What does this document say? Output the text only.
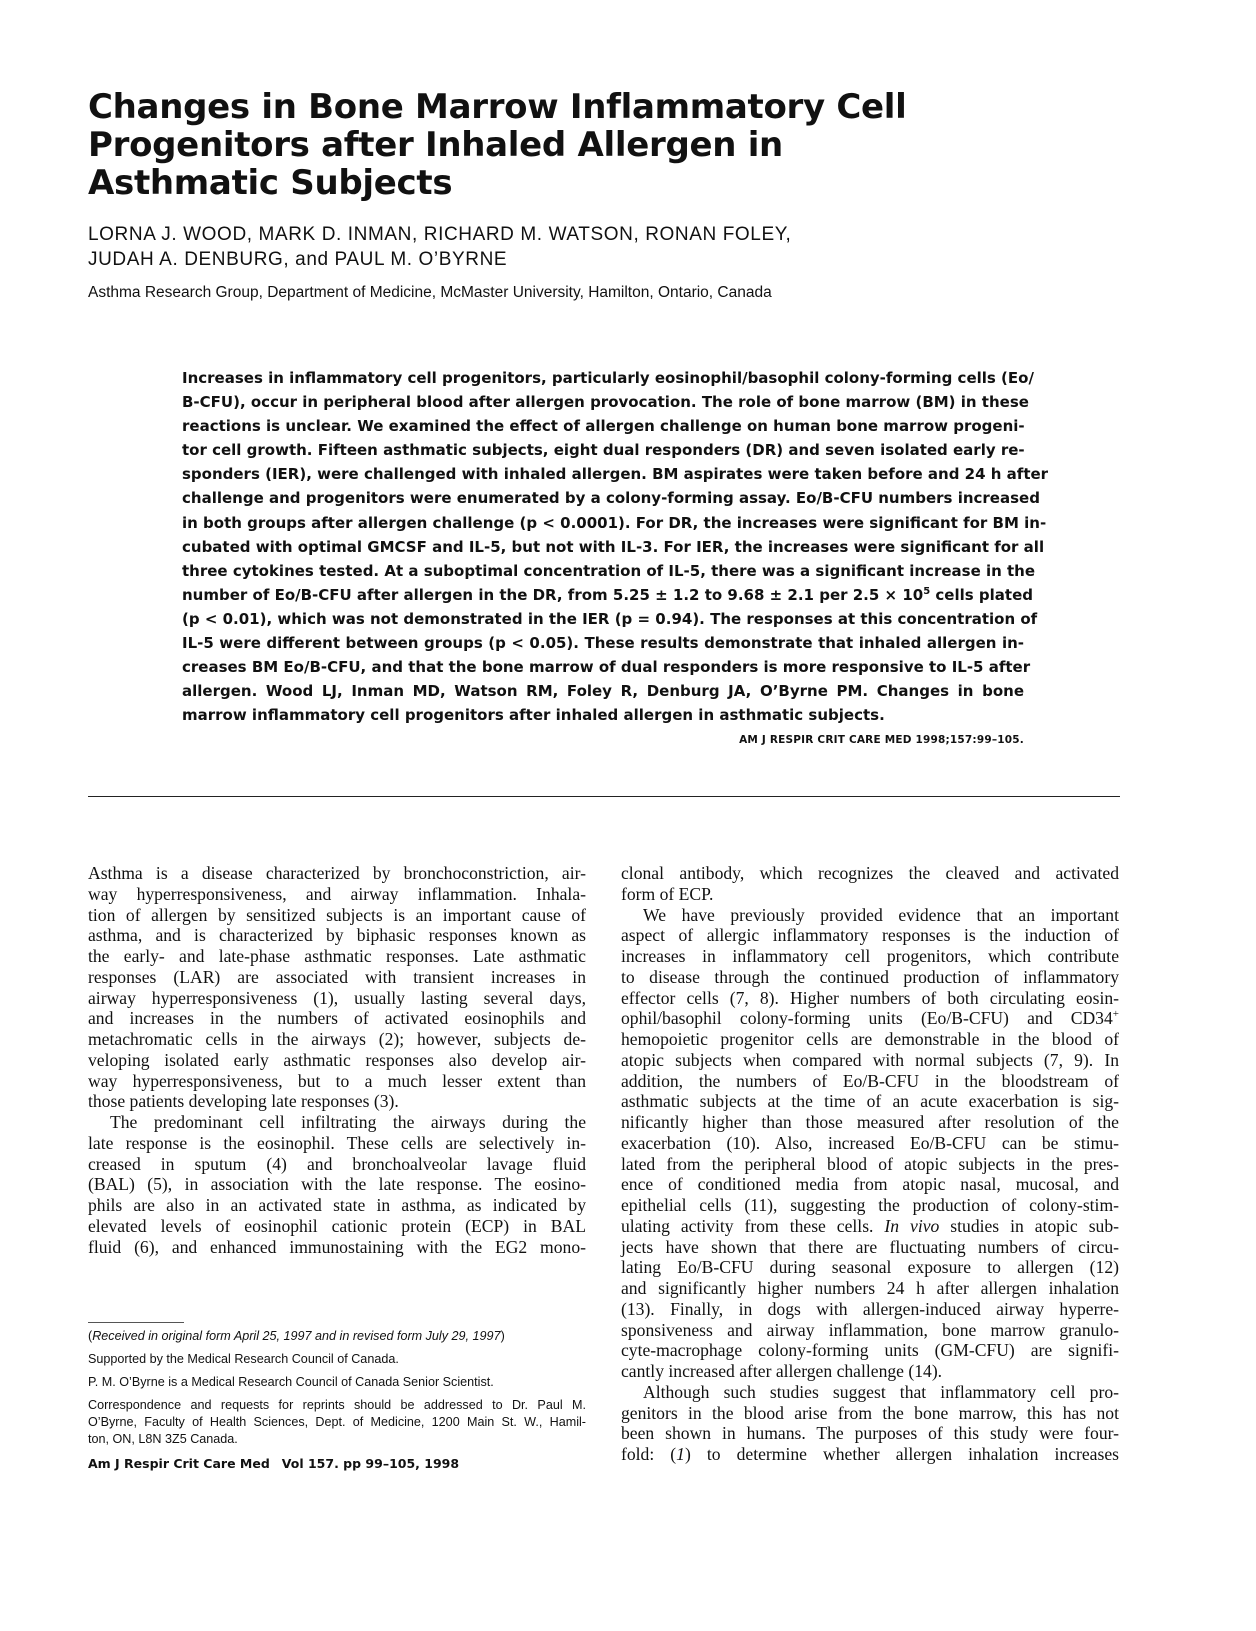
Changes in Bone Marrow Inflammatory Cell
Progenitors after Inhaled Allergen in
Asthmatic Subjects
LORNA J. WOOD, MARK D. INMAN, RICHARD M. WATSON, RONAN FOLEY,
JUDAH A. DENBURG, and PAUL M. O’BYRNE
Asthma Research Group, Department of Medicine, McMaster University, Hamilton, Ontario, Canada
Increases in inflammatory cell progenitors, particularly eosinophil/basophil colony-forming cells (Eo/
B-CFU), occur in peripheral blood after allergen provocation. The role of bone marrow (BM) in these
reactions is unclear. We examined the effect of allergen challenge on human bone marrow progeni-
tor cell growth. Fifteen asthmatic subjects, eight dual responders (DR) and seven isolated early re-
sponders (IER), were challenged with inhaled allergen. BM aspirates were taken before and 24 h after
challenge and progenitors were enumerated by a colony-forming assay. Eo/B-CFU numbers increased
in both groups after allergen challenge (p < 0.0001). For DR, the increases were significant for BM in-
cubated with optimal GMCSF and IL-5, but not with IL-3. For IER, the increases were significant for all
three cytokines tested. At a suboptimal concentration of IL-5, there was a significant increase in the
number of Eo/B-CFU after allergen in the DR, from 5.25 ± 1.2 to 9.68 ± 2.1 per $2.5 \times 10^5$ cells plated
(p < 0.01), which was not demonstrated in the IER (p = 0.94). The responses at this concentration of
IL-5 were different between groups (p < 0.05). These results demonstrate that inhaled allergen in-
creases BM Eo/B-CFU, and that the bone marrow of dual responders is more responsive to IL-5 after
allergen. Wood LJ, Inman MD, Watson RM, Foley R, Denburg JA, O’Byrne PM. Changes in bone
marrow inflammatory cell progenitors after inhaled allergen in asthmatic subjects.
AM J RESPIR CRIT CARE MED 1998;157:99–105.
Asthma is a disease characterized by bronchoconstriction, air-
way hyperresponsiveness, and airway inflammation. Inhala-
tion of allergen by sensitized subjects is an important cause of
asthma, and is characterized by biphasic responses known as
the early- and late-phase asthmatic responses. Late asthmatic
responses (LAR) are associated with transient increases in
airway hyperresponsiveness (1), usually lasting several days,
and increases in the numbers of activated eosinophils and
metachromatic cells in the airways (2); however, subjects de-
veloping isolated early asthmatic responses also develop air-
way hyperresponsiveness, but to a much lesser extent than
those patients developing late responses (3).
The predominant cell infiltrating the airways during the
late response is the eosinophil. These cells are selectively in-
creased in sputum (4) and bronchoalveolar lavage fluid
(BAL) (5), in association with the late response. The eosino-
phils are also in an activated state in asthma, as indicated by
elevated levels of eosinophil cationic protein (ECP) in BAL
fluid (6), and enhanced immunostaining with the EG2 mono-
clonal antibody, which recognizes the cleaved and activated
form of ECP.
We have previously provided evidence that an important
aspect of allergic inflammatory responses is the induction of
increases in inflammatory cell progenitors, which contribute
to disease through the continued production of inflammatory
effector cells (7, 8). Higher numbers of both circulating eosin-
ophil/basophil colony-forming units (Eo/B-CFU) and CD34+
hemopoietic progenitor cells are demonstrable in the blood of
atopic subjects when compared with normal subjects (7, 9). In
addition, the numbers of Eo/B-CFU in the bloodstream of
asthmatic subjects at the time of an acute exacerbation is sig-
nificantly higher than those measured after resolution of the
exacerbation (10). Also, increased Eo/B-CFU can be stimu-
lated from the peripheral blood of atopic subjects in the pres-
ence of conditioned media from atopic nasal, mucosal, and
epithelial cells (11), suggesting the production of colony-stim-
ulating activity from these cells. In vivo studies in atopic sub-
jects have shown that there are fluctuating numbers of circu-
lating Eo/B-CFU during seasonal exposure to allergen (12)
and significantly higher numbers 24 h after allergen inhalation
(13). Finally, in dogs with allergen-induced airway hyperre-
sponsiveness and airway inflammation, bone marrow granulo-
cyte-macrophage colony-forming units (GM-CFU) are signifi-
cantly increased after allergen challenge (14).
Although such studies suggest that inflammatory cell pro-
genitors in the blood arise from the bone marrow, this has not
been shown in humans. The purposes of this study were four-
fold: (1) to determine whether allergen inhalation increases
(Received in original form April 25, 1997 and in revised form July 29, 1997)
Supported by the Medical Research Council of Canada.
P. M. O’Byrne is a Medical Research Council of Canada Senior Scientist.
Correspondence and requests for reprints should be addressed to Dr. Paul M.
O’Byrne, Faculty of Health Sciences, Dept. of Medicine, 1200 Main St. W., Hamil-
ton, ON, L8N 3Z5 Canada.
Am J Respir Crit Care Med Vol 157. pp 99–105, 1998
